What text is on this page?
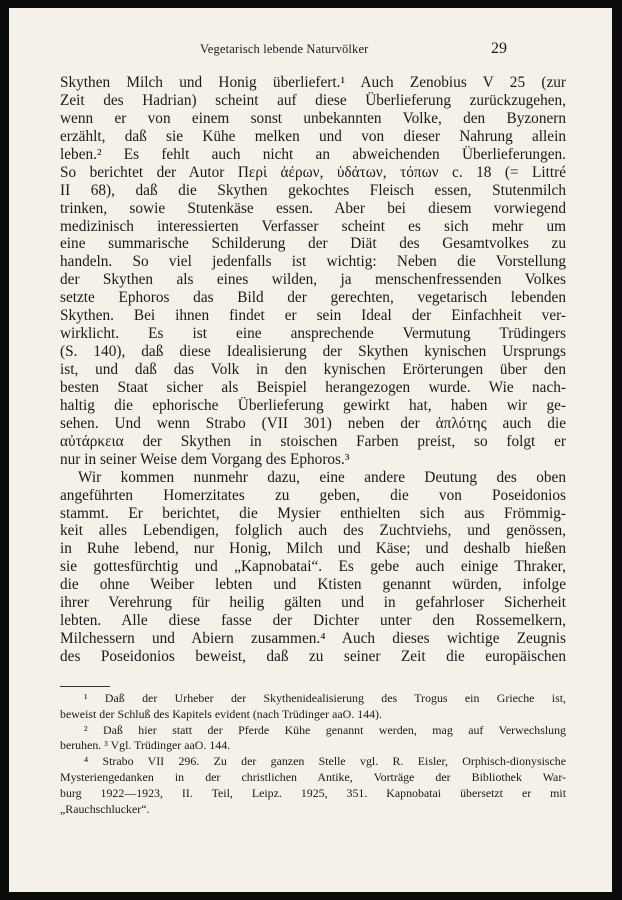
Vegetarisch lebende Naturvölker	29
Skythen Milch und Honig überliefert.¹ Auch Zenobius V 25 (zur
Zeit des Hadrian) scheint auf diese Überlieferung zurückzugehen,
wenn er von einem sonst unbekannten Volke, den Byzonern
erzählt, daß sie Kühe melken und von dieser Nahrung allein
leben.² Es fehlt auch nicht an abweichenden Überlieferungen.
So berichtet der Autor Περὶ ἀέρων, ὑδάτων, τόπων c. 18 (= Littré
II 68), daß die Skythen gekochtes Fleisch essen, Stutenmilch
trinken, sowie Stutenkäse essen. Aber bei diesem vorwiegend
medizinisch interessierten Verfasser scheint es sich mehr um
eine summarische Schilderung der Diät des Gesamtvolkes zu
handeln. So viel jedenfalls ist wichtig: Neben die Vorstellung
der Skythen als eines wilden, ja menschenfressenden Volkes
setzte Ephoros das Bild der gerechten, vegetarisch lebenden
Skythen. Bei ihnen findet er sein Ideal der Einfachheit ver-
wirklicht. Es ist eine ansprechende Vermutung Trüdingers
(S. 140), daß diese Idealisierung der Skythen kynischen Ursprungs
ist, und daß das Volk in den kynischen Erörterungen über den
besten Staat sicher als Beispiel herangezogen wurde. Wie nach-
haltig die ephorische Überlieferung gewirkt hat, haben wir ge-
sehen. Und wenn Strabo (VII 301) neben der ἁπλότης auch die
αὐτάρκεια der Skythen in stoischen Farben preist, so folgt er
nur in seiner Weise dem Vorgang des Ephoros.³
Wir kommen nunmehr dazu, eine andere Deutung des oben
angeführten Homerzitates zu geben, die von Poseidonios
stammt. Er berichtet, die Mysier enthielten sich aus Frömmig-
keit alles Lebendigen, folglich auch des Zuchtviehs, und genössen,
in Ruhe lebend, nur Honig, Milch und Käse; und deshalb hießen
sie gottesfürchtig und „Kapnobatai“. Es gebe auch einige Thraker,
die ohne Weiber lebten und Ktisten genannt würden, infolge
ihrer Verehrung für heilig gälten und in gefahrloser Sicherheit
lebten. Alle diese fasse der Dichter unter den Rossemelkern,
Milchessern und Abiern zusammen.⁴ Auch dieses wichtige Zeugnis
des Poseidonios beweist, daß zu seiner Zeit die europäischen
¹ Daß der Urheber der Skythenidealisierung des Trogus ein Grieche ist,
beweist der Schluß des Kapitels evident (nach Trüdinger aaO. 144).
² Daß hier statt der Pferde Kühe genannt werden, mag auf Verwechslung
beruhen. ³ Vgl. Trüdinger aaO. 144.
⁴ Strabo VII 296. Zu der ganzen Stelle vgl. R. Eisler, Orphisch-dionysische
Mysteriengedanken in der christlichen Antike, Vorträge der Bibliothek War-
burg 1922—1923, II. Teil, Leipz. 1925, 351. Kapnobatai übersetzt er mit
„Rauchschlucker“.
